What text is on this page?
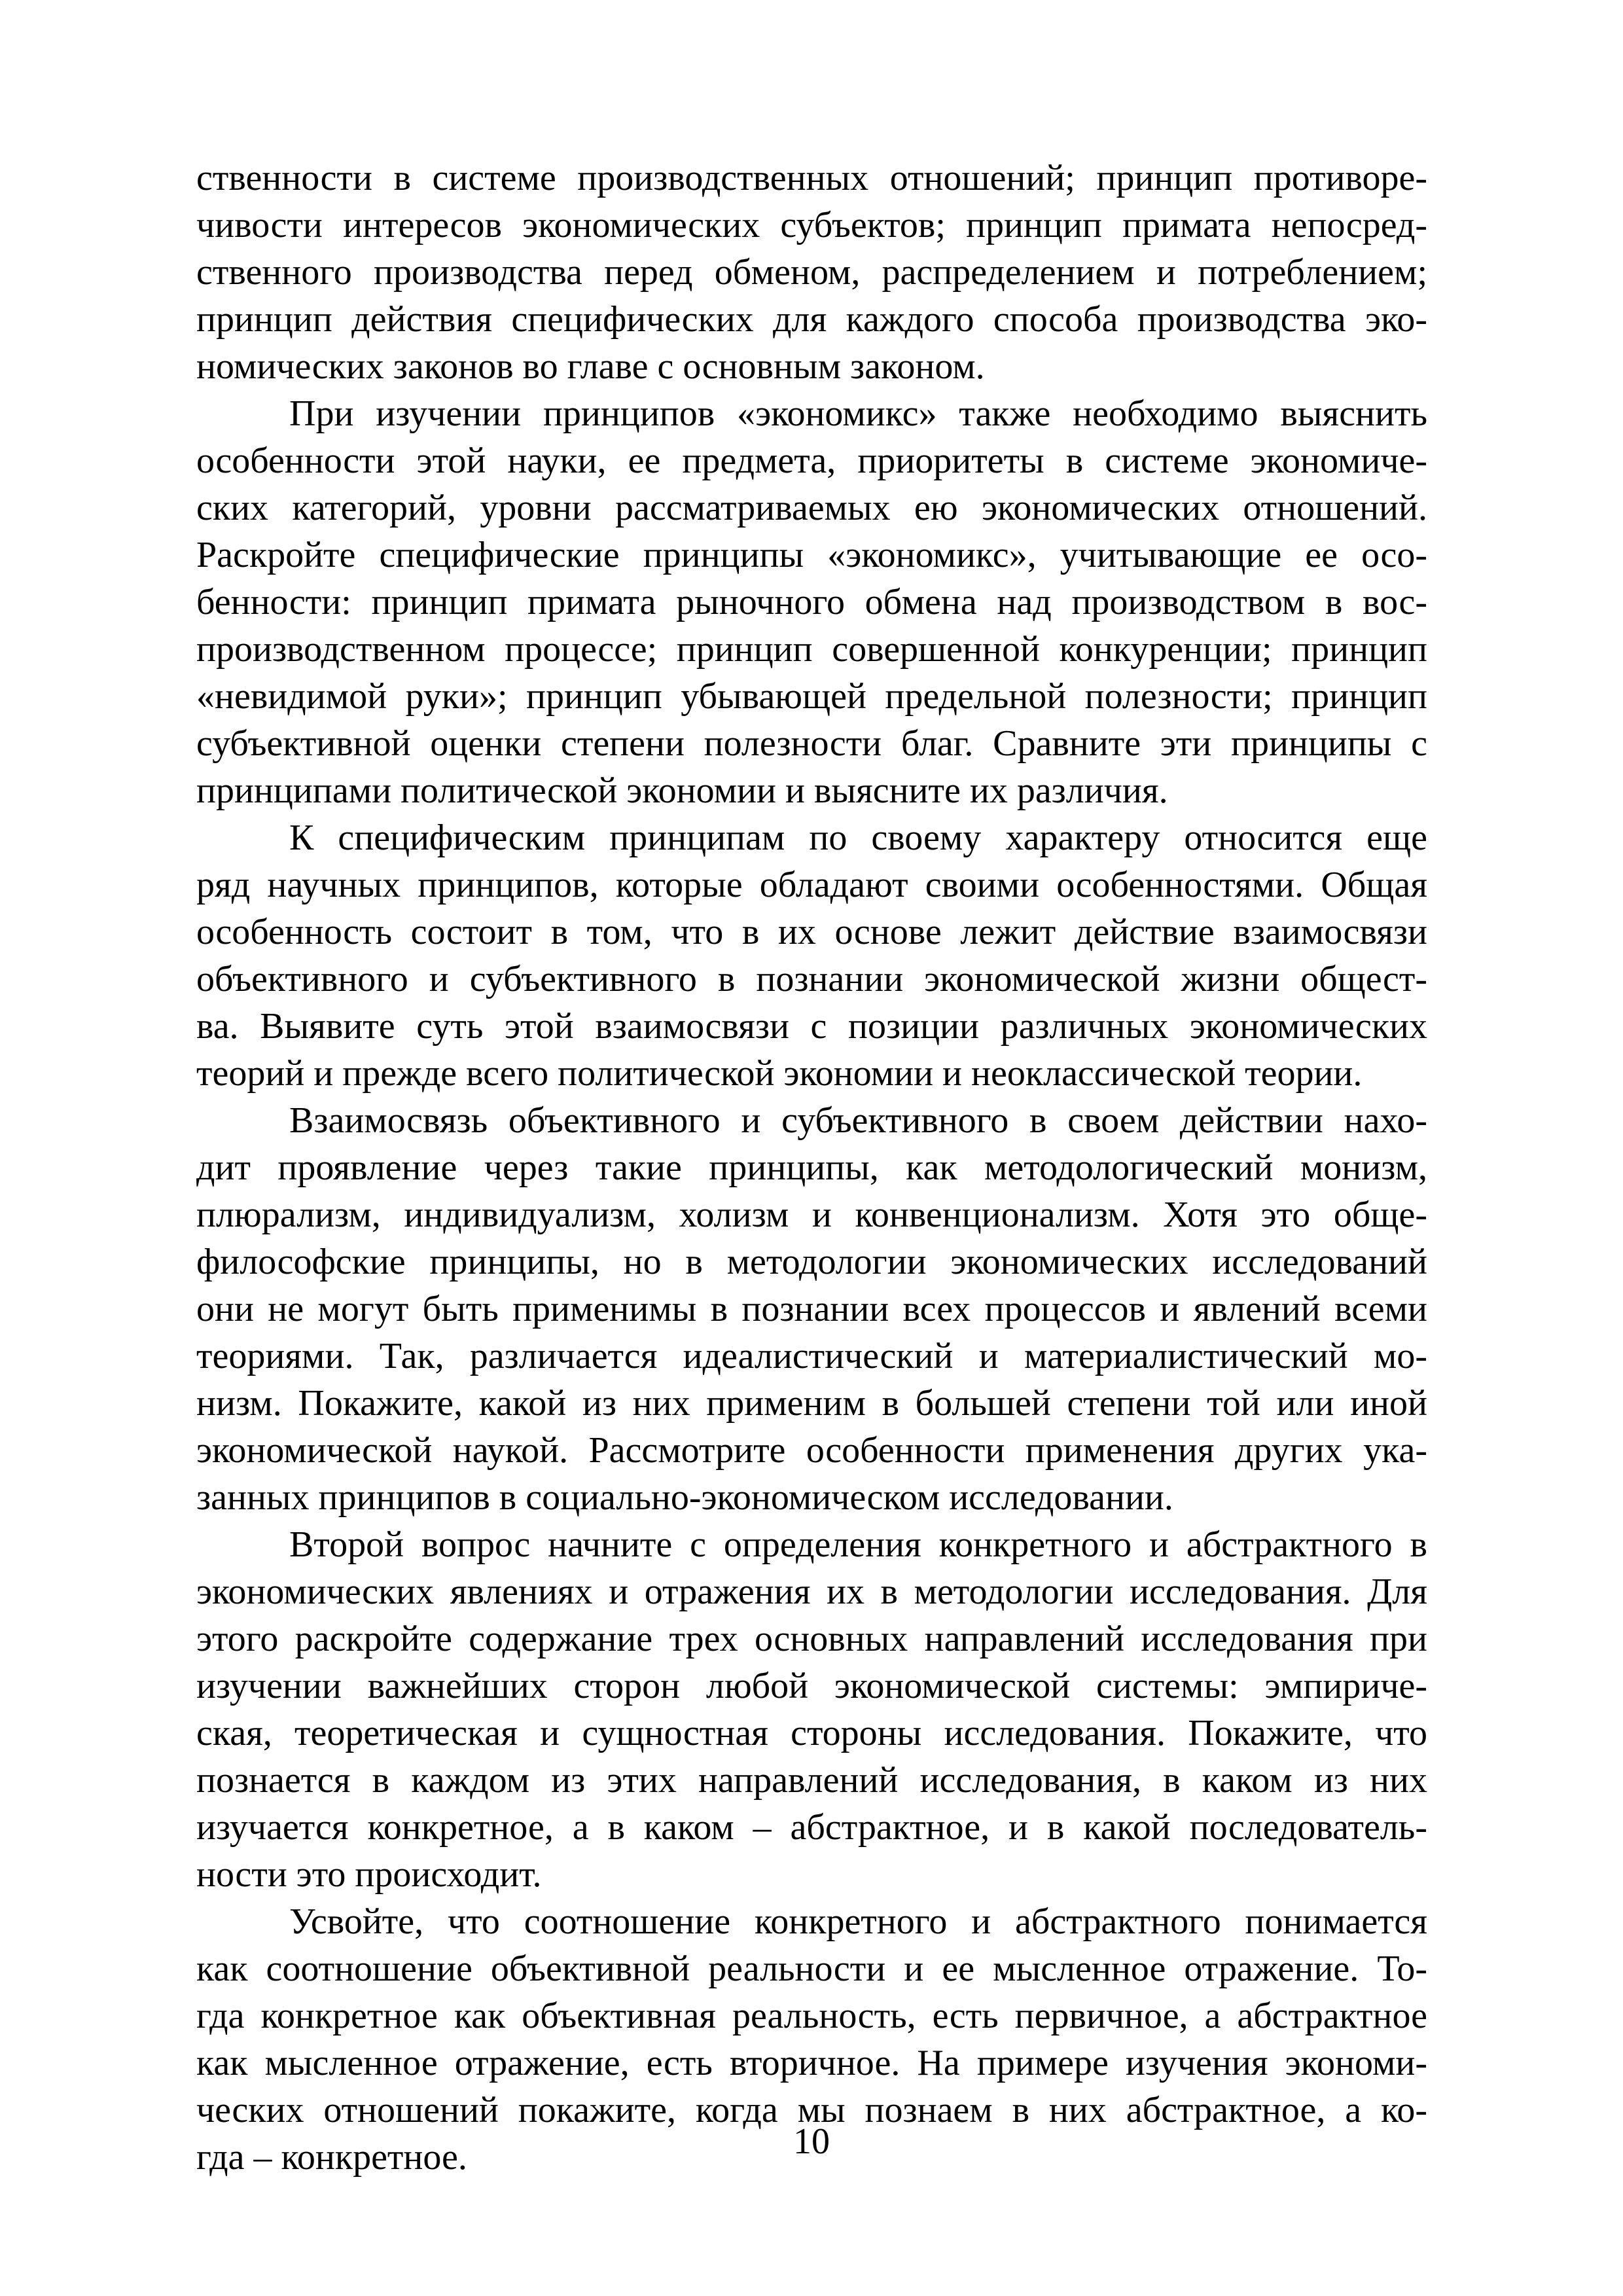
ственности в системе производственных отношений; принцип противоре-
чивости интересов экономических субъектов; принцип примата непосред-
ственного производства перед обменом, распределением и потреблением;
принцип действия специфических для каждого способа производства эко-
номических законов во главе с основным законом.
При изучении принципов «экономикс» также необходимо выяснить
особенности этой науки, ее предмета, приоритеты в системе экономиче-
ских категорий, уровни рассматриваемых ею экономических отношений.
Раскройте специфические принципы «экономикс», учитывающие ее осо-
бенности: принцип примата рыночного обмена над производством в вос-
производственном процессе; принцип совершенной конкуренции; принцип
«невидимой руки»; принцип убывающей предельной полезности; принцип
субъективной оценки степени полезности благ. Сравните эти принципы с
принципами политической экономии и выясните их различия.
К специфическим принципам по своему характеру относится еще
ряд научных принципов, которые обладают своими особенностями. Общая
особенность состоит в том, что в их основе лежит действие взаимосвязи
объективного и субъективного в познании экономической жизни общест-
ва. Выявите суть этой взаимосвязи с позиции различных экономических
теорий и прежде всего политической экономии и неоклассической теории.
Взаимосвязь объективного и субъективного в своем действии нахо-
дит проявление через такие принципы, как методологический монизм,
плюрализм, индивидуализм, холизм и конвенционализм. Хотя это обще-
философские принципы, но в методологии экономических исследований
они не могут быть применимы в познании всех процессов и явлений всеми
теориями. Так, различается идеалистический и материалистический мо-
низм. Покажите, какой из них применим в большей степени той или иной
экономической наукой. Рассмотрите особенности применения других ука-
занных принципов в социально-экономическом исследовании.
Второй вопрос начните с определения конкретного и абстрактного в
экономических явлениях и отражения их в методологии исследования. Для
этого раскройте содержание трех основных направлений исследования при
изучении важнейших сторон любой экономической системы: эмпириче-
ская, теоретическая и сущностная стороны исследования. Покажите, что
познается в каждом из этих направлений исследования, в каком из них
изучается конкретное, а в каком – абстрактное, и в какой последователь-
ности это происходит.
Усвойте, что соотношение конкретного и абстрактного понимается
как соотношение объективной реальности и ее мысленное отражение. То-
гда конкретное как объективная реальность, есть первичное, а абстрактное
как мысленное отражение, есть вторичное. На примере изучения экономи-
ческих отношений покажите, когда мы познаем в них абстрактное, а ко-
гда – конкретное.	10
